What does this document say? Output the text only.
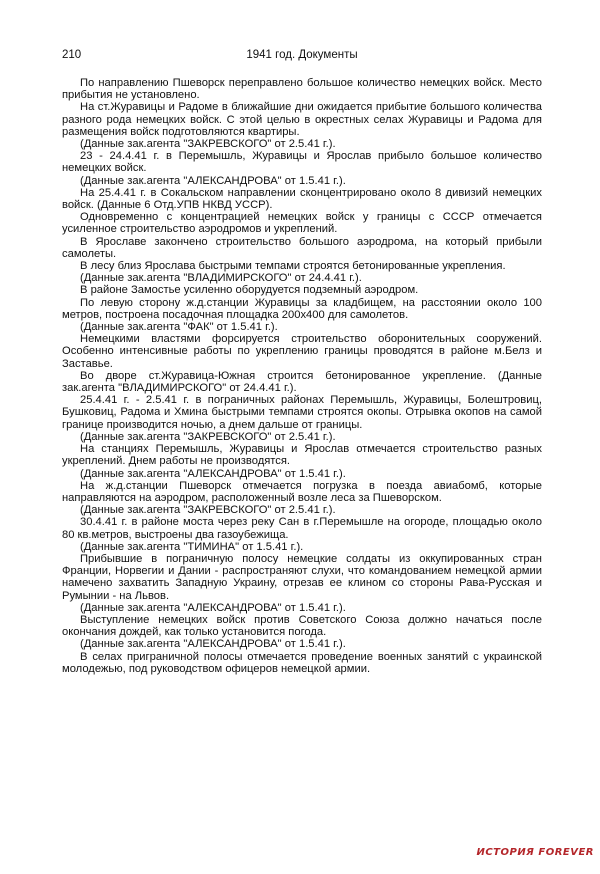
210	1941 год. Документы

По направлению Пшеворск переправлено большое количество немецких войск. Место прибытия не установлено.

На ст.Журавицы и Радоме в ближайшие дни ожидается прибытие большого количества разного рода немецких войск. С этой целью в окрестных селах Журавицы и Радома для размещения войск подготовляются квартиры.

(Данные зак.агента "ЗАКРЕВСКОГО" от 2.5.41 г.).

23 - 24.4.41 г. в Перемышль, Журавицы и Ярослав прибыло большое количество немецких войск.

(Данные зак.агента "АЛЕКСАНДРОВА" от 1.5.41 г.).

На 25.4.41 г. в Сокальском направлении сконцентрировано около 8 дивизий немецких войск. (Данные 6 Отд.УПВ НКВД УССР).

Одновременно с концентрацией немецких войск у границы с СССР отмечается усиленное строительство аэродромов и укреплений.

В Ярославе закончено строительство большого аэродрома, на который прибыли самолеты.

В лесу близ Ярослава быстрыми темпами строятся бетонированные укрепления.

(Данные зак.агента "ВЛАДИМИРСКОГО" от 24.4.41 г.).

В районе Замостье усиленно оборудуется подземный аэродром.

По левую сторону ж.д.станции Журавицы за кладбищем, на расстоянии около 100 метров, построена посадочная площадка 200х400 для самолетов.

(Данные зак.агента "ФАК" от 1.5.41 г.).

Немецкими властями форсируется строительство оборонительных сооружений. Особенно интенсивные работы по укреплению границы проводятся в районе м.Белз и Заставье.

Во дворе ст.Журавица-Южная строится бетонированное укрепление. (Данные зак.агента "ВЛАДИМИРСКОГО" от 24.4.41 г.).

25.4.41 г. - 2.5.41 г. в пограничных районах Перемышль, Журавицы, Болештровиц, Бушковиц, Радома и Хмина быстрыми темпами строятся окопы. Отрывка окопов на самой границе производится ночью, а днем дальше от границы.

(Данные зак.агента "ЗАКРЕВСКОГО" от 2.5.41 г.).

На станциях Перемышль, Журавицы и Ярослав отмечается строительство разных укреплений. Днем работы не производятся.

(Данные зак.агента "АЛЕКСАНДРОВА" от 1.5.41 г.).

На ж.д.станции Пшеворск отмечается погрузка в поезда авиабомб, которые направляются на аэродром, расположенный возле леса за Пшеворском.

(Данные зак.агента "ЗАКРЕВСКОГО" от 2.5.41 г.).

30.4.41 г. в районе моста через реку Сан в г.Перемышле на огороде, площадью около 80 кв.метров, выстроены два газоубежища.

(Данные зак.агента "ТИМИНА" от 1.5.41 г.).

Прибывшие в пограничную полосу немецкие солдаты из оккупированных стран Франции, Норвегии и Дании - распространяют слухи, что командованием немецкой армии намечено захватить Западную Украину, отрезав ее клином со стороны Рава-Русская и Румынии - на Львов.

(Данные зак.агента "АЛЕКСАНДРОВА" от 1.5.41 г.).

Выступление немецких войск против Советского Союза должно начаться после окончания дождей, как только установится погода.

(Данные зак.агента "АЛЕКСАНДРОВА" от 1.5.41 г.).

В селах приграничной полосы отмечается проведение военных занятий с украинской молодежью, под руководством офицеров немецкой армии.

ИСТОРИЯ FOREVER
